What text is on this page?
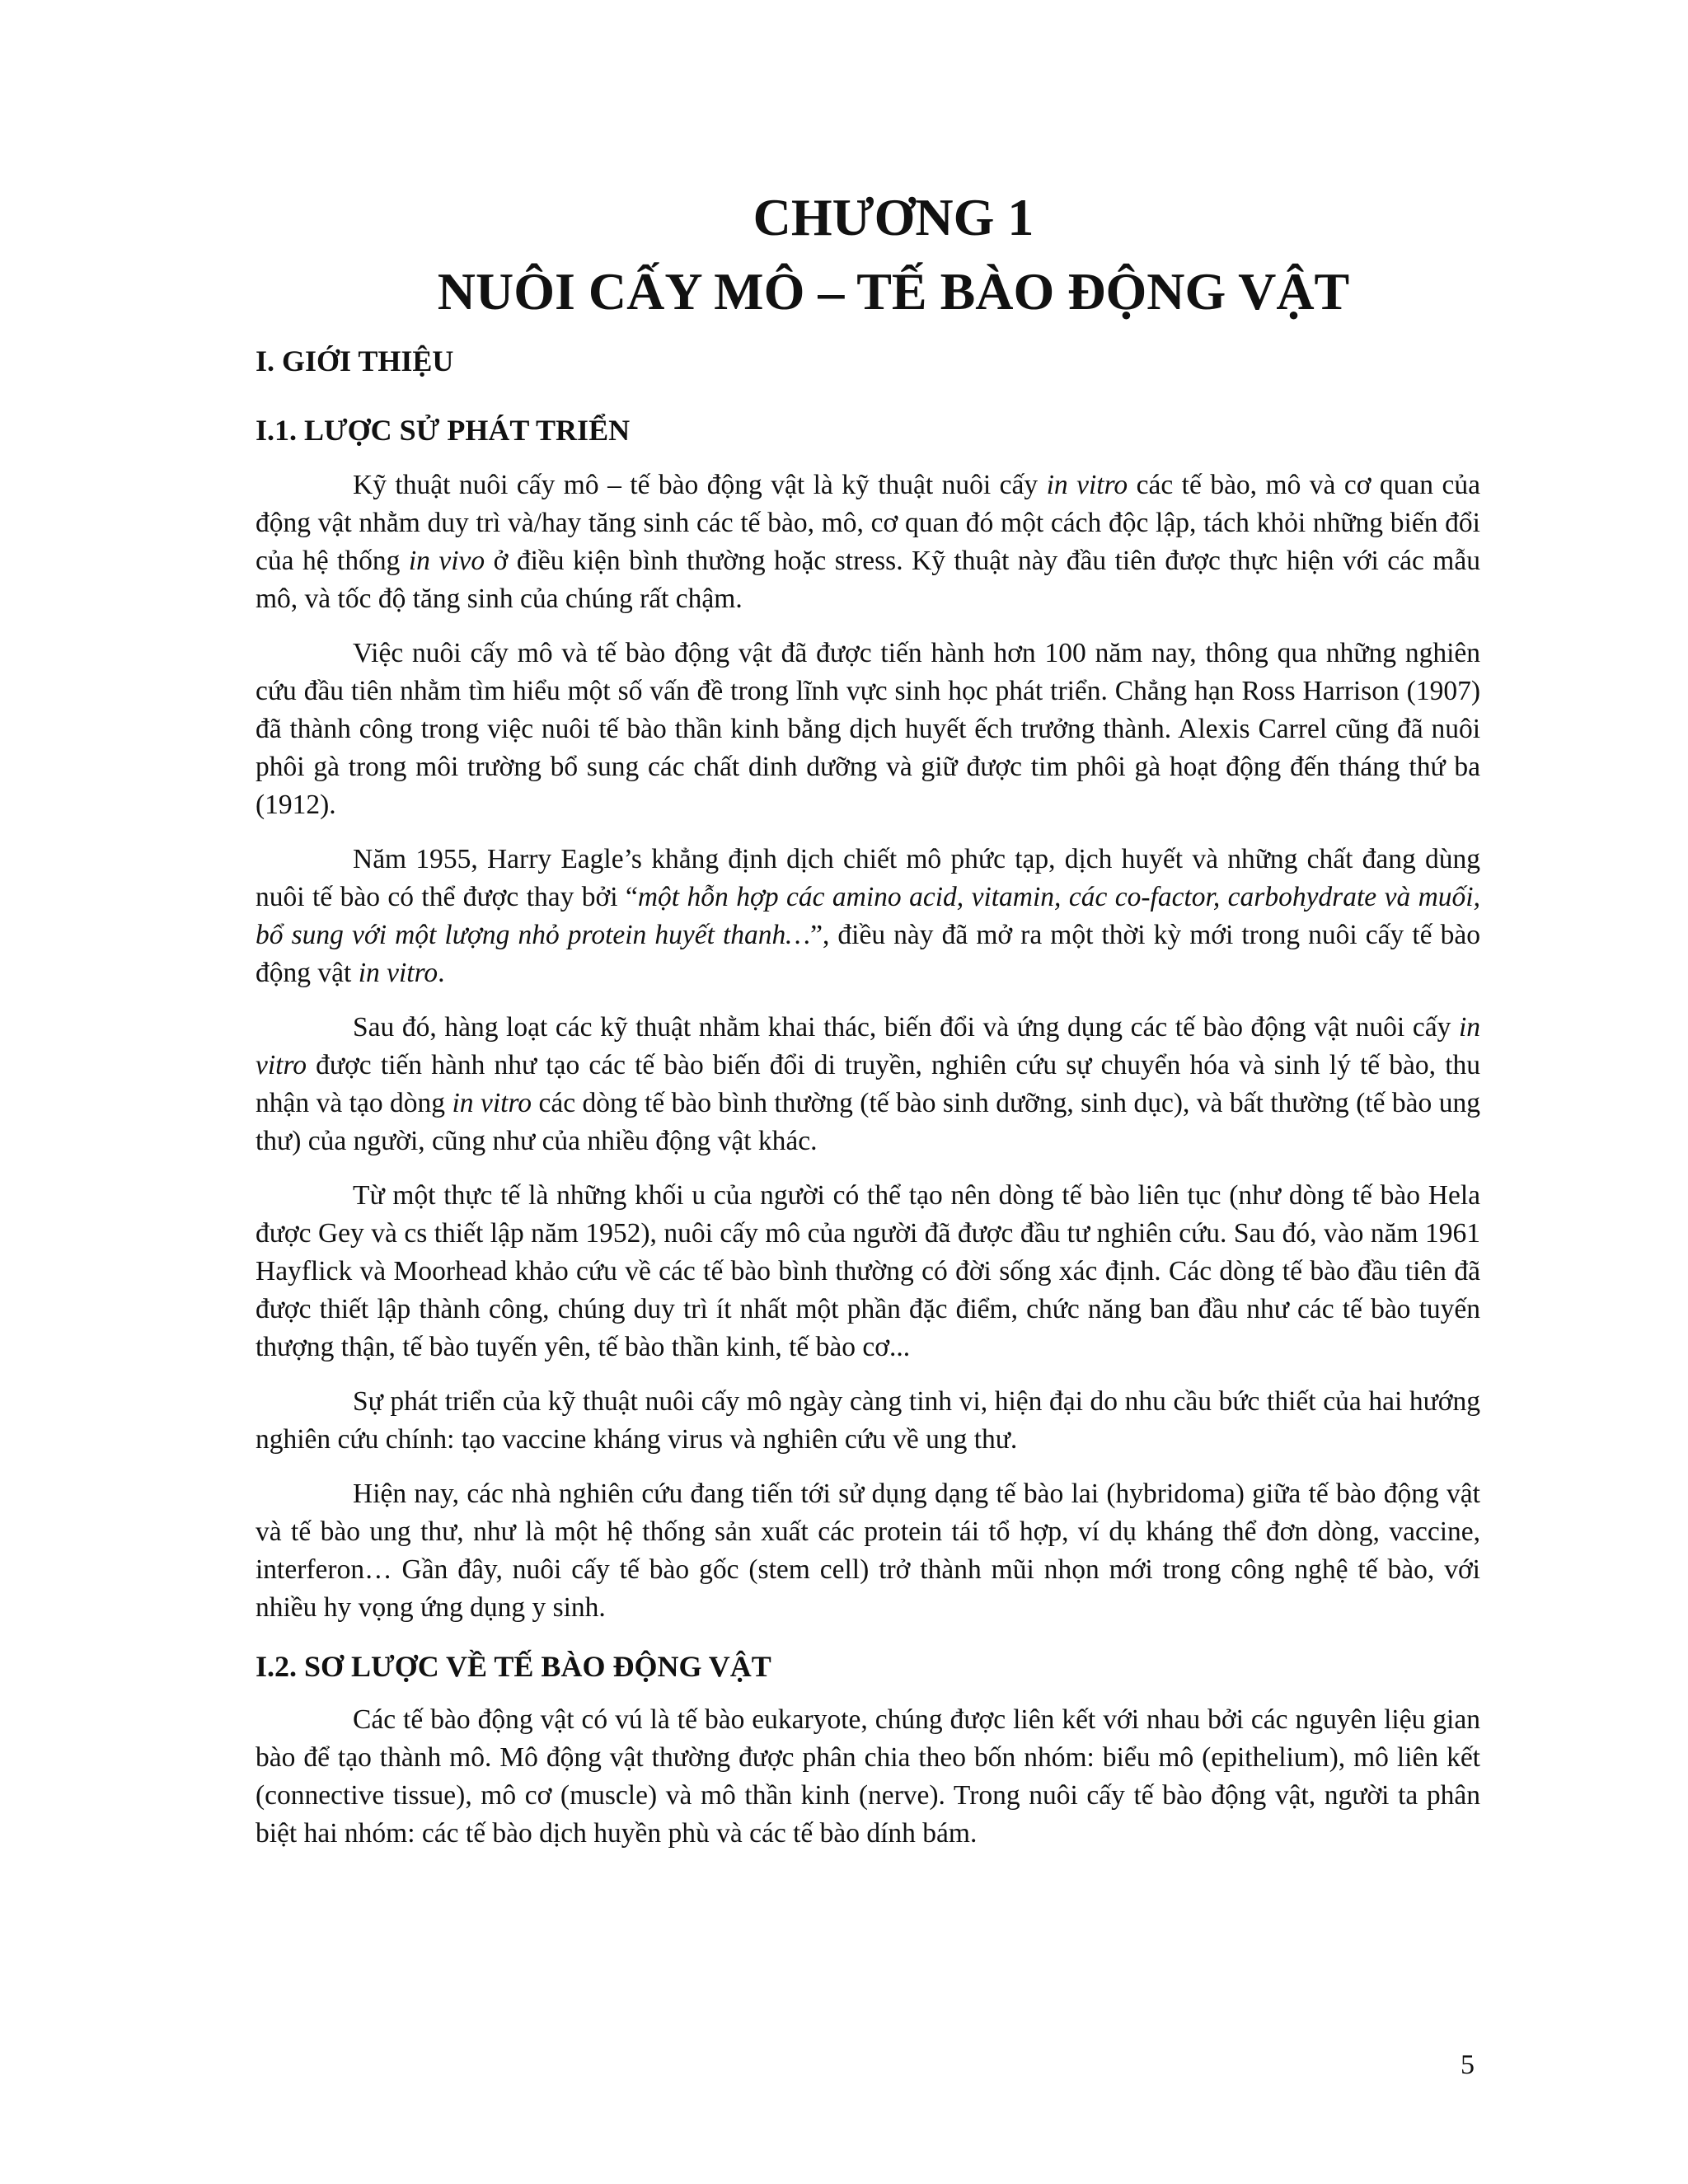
CHƯƠNG 1
NUÔI CẤY MÔ – TẾ BÀO ĐỘNG VẬT
I. GIỚI THIỆU
I.1. LƯỢC SỬ PHÁT TRIỂN

Kỹ thuật nuôi cấy mô – tế bào động vật là kỹ thuật nuôi cấy in vitro các tế bào, mô và cơ quan của động vật nhằm duy trì và/hay tăng sinh các tế bào, mô, cơ quan đó một cách độc lập, tách khỏi những biến đổi của hệ thống in vivo ở điều kiện bình thường hoặc stress. Kỹ thuật này đầu tiên được thực hiện với các mẫu mô, và tốc độ tăng sinh của chúng rất chậm.

Việc nuôi cấy mô và tế bào động vật đã được tiến hành hơn 100 năm nay, thông qua những nghiên cứu đầu tiên nhằm tìm hiểu một số vấn đề trong lĩnh vực sinh học phát triển. Chẳng hạn Ross Harrison (1907) đã thành công trong việc nuôi tế bào thần kinh bằng dịch huyết ếch trưởng thành. Alexis Carrel cũng đã nuôi phôi gà trong môi trường bổ sung các chất dinh dưỡng và giữ được tim phôi gà hoạt động đến tháng thứ ba (1912).

Năm 1955, Harry Eagle’s khẳng định dịch chiết mô phức tạp, dịch huyết và những chất đang dùng nuôi tế bào có thể được thay bởi “một hỗn hợp các amino acid, vitamin, các co-factor, carbohydrate và muối, bổ sung với một lượng nhỏ protein huyết thanh…”, điều này đã mở ra một thời kỳ mới trong nuôi cấy tế bào động vật in vitro.

Sau đó, hàng loạt các kỹ thuật nhằm khai thác, biến đổi và ứng dụng các tế bào động vật nuôi cấy in vitro được tiến hành như tạo các tế bào biến đổi di truyền, nghiên cứu sự chuyển hóa và sinh lý tế bào, thu nhận và tạo dòng in vitro các dòng tế bào bình thường (tế bào sinh dưỡng, sinh dục), và bất thường (tế bào ung thư) của người, cũng như của nhiều động vật khác.

Từ một thực tế là những khối u của người có thể tạo nên dòng tế bào liên tục (như dòng tế bào Hela được Gey và cs thiết lập năm 1952), nuôi cấy mô của người đã được đầu tư nghiên cứu. Sau đó, vào năm 1961 Hayflick và Moorhead khảo cứu về các tế bào bình thường có đời sống xác định. Các dòng tế bào đầu tiên đã được thiết lập thành công, chúng duy trì ít nhất một phần đặc điểm, chức năng ban đầu như các tế bào tuyến thượng thận, tế bào tuyến yên, tế bào thần kinh, tế bào cơ...

Sự phát triển của kỹ thuật nuôi cấy mô ngày càng tinh vi, hiện đại do nhu cầu bức thiết của hai hướng nghiên cứu chính: tạo vaccine kháng virus và nghiên cứu về ung thư.

Hiện nay, các nhà nghiên cứu đang tiến tới sử dụng dạng tế bào lai (hybridoma) giữa tế bào động vật và tế bào ung thư, như là một hệ thống sản xuất các protein tái tổ hợp, ví dụ kháng thể đơn dòng, vaccine, interferon… Gần đây, nuôi cấy tế bào gốc (stem cell) trở thành mũi nhọn mới trong công nghệ tế bào, với nhiều hy vọng ứng dụng y sinh.

I.2. SƠ LƯỢC VỀ TẾ BÀO ĐỘNG VẬT

Các tế bào động vật có vú là tế bào eukaryote, chúng được liên kết với nhau bởi các nguyên liệu gian bào để tạo thành mô. Mô động vật thường được phân chia theo bốn nhóm: biểu mô (epithelium), mô liên kết (connective tissue), mô cơ (muscle) và mô thần kinh (nerve). Trong nuôi cấy tế bào động vật, người ta phân biệt hai nhóm: các tế bào dịch huyền phù và các tế bào dính bám.

5
